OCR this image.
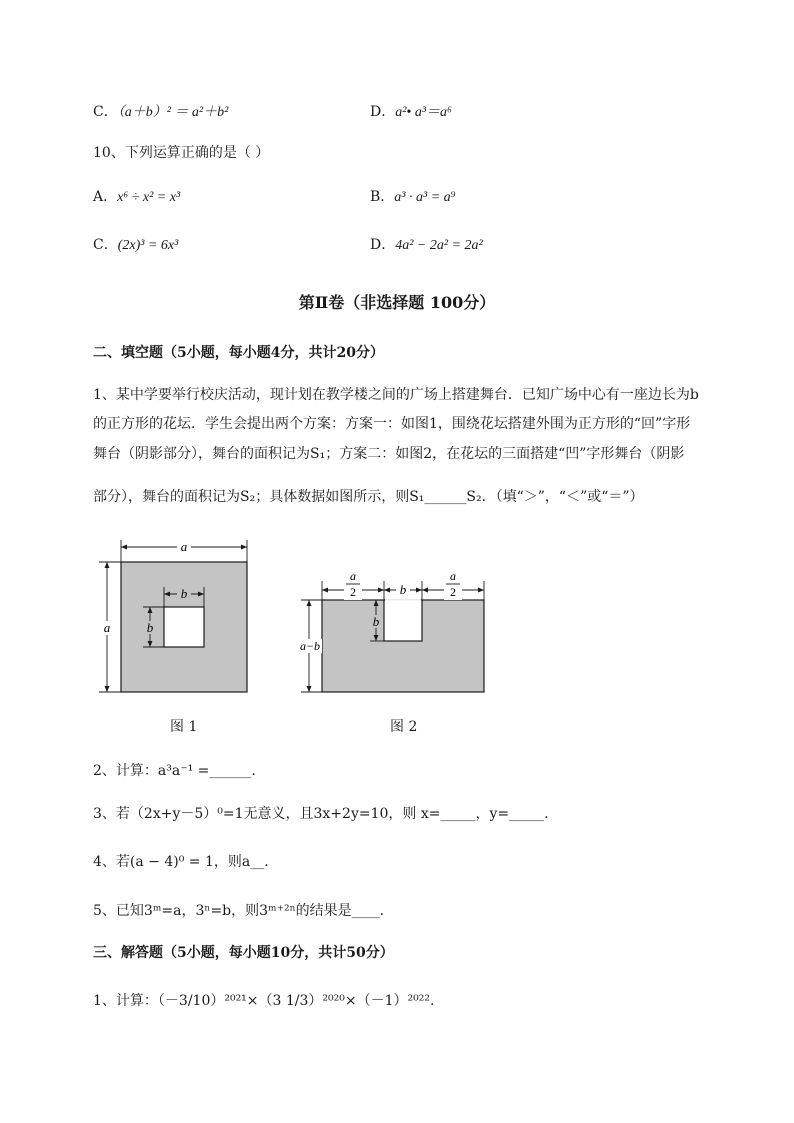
C．（a＋b）² ＝ a²＋b²	D．a²• a³＝a⁶
10、下列运算正确的是（ ）
A．x⁶ ÷ x² = x³	B．a³ · a³ = a⁹
C．(2x)³ = 6x³	D．4a² − 2a² = 2a²
第Ⅱ卷（非选择题 100分）
二、填空题（5小题，每小题4分，共计20分）
1、某中学要举行校庆活动，现计划在教学楼之间的广场上搭建舞台．已知广场中心有一座边长为b
的正方形的花坛．学生会提出两个方案：方案一：如图1，围绕花坛搭建外围为正方形的“回”字形
舞台（阴影部分），舞台的面积记为S₁；方案二：如图2，在花坛的三面搭建“凹”字形舞台（阴影
部分），舞台的面积记为S₂；具体数据如图所示，则S₁______S₂．（填“＞”，“＜”或“＝”）
a
b
b
a
图 1
a
2	b
a
2
b
a−b
图 2
2、计算：a³a⁻¹ =______.
3、若（2x+y－5）⁰=1无意义，且3x+2y=10，则 x=_____，y=_____.
4、若(a − 4)⁰ = 1，则a__.
5、已知3ᵐ=a，3ⁿ=b，则3ᵐ⁺²ⁿ的结果是____.
三、解答题（5小题，每小题10分，共计50分）
1、计算：（－3/10）²⁰²¹×（3 1/3）²⁰²⁰×（－1）²⁰²².
